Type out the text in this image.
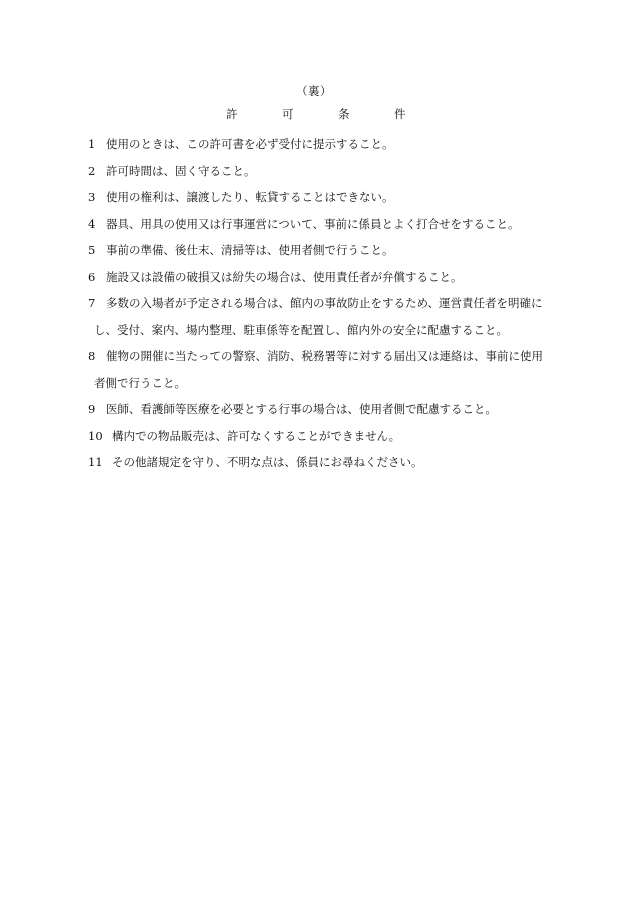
（裏）
許	可	条	件
1 使用のときは、この許可書を必ず受付に提示すること。
2 許可時間は、固く守ること。
3 使用の権利は、譲渡したり、転貸することはできない。
4 器具、用具の使用又は行事運営について、事前に係員とよく打合せをすること。
5 事前の準備、後仕末、清掃等は、使用者側で行うこと。
6 施設又は設備の破損又は紛失の場合は、使用責任者が弁償すること。
7 多数の入場者が予定される場合は、館内の事故防止をするため、運営責任者を明確に
し、受付、案内、場内整理、駐車係等を配置し、館内外の安全に配慮すること。
8 催物の開催に当たっての警察、消防、税務署等に対する届出又は連絡は、事前に使用
者側で行うこと。
9 医師、看護師等医療を必要とする行事の場合は、使用者側で配慮すること。
10 構内での物品販売は、許可なくすることができません。
11 その他諸規定を守り、不明な点は、係員にお尋ねください。
